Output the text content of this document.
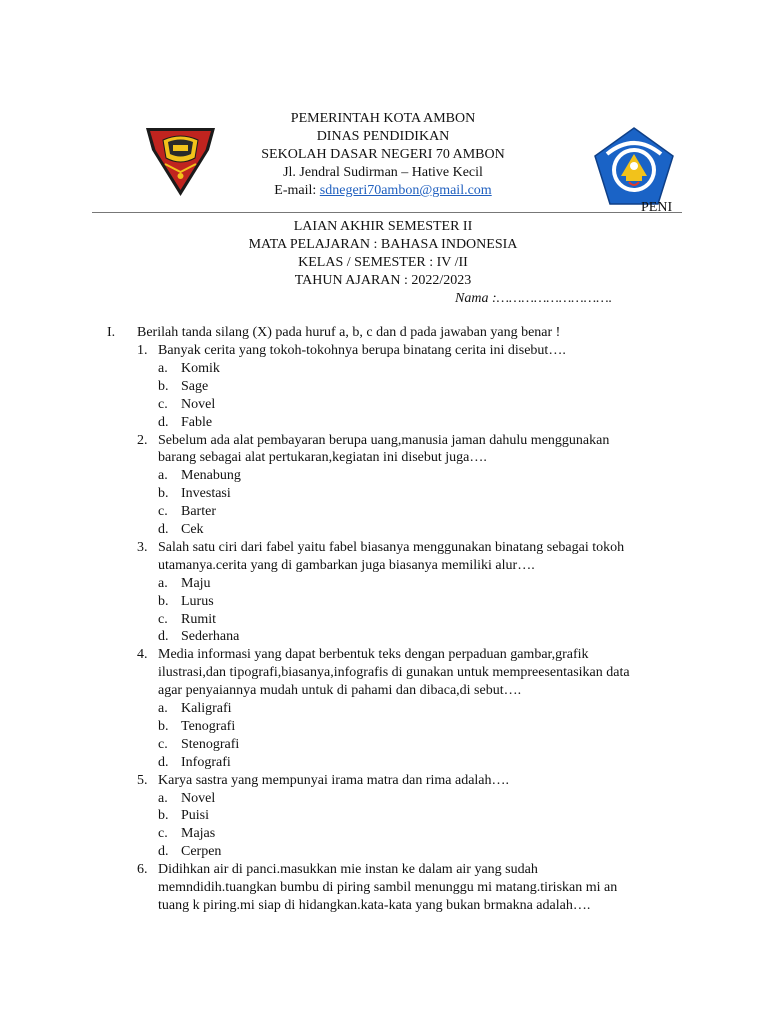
PEMERINTAH KOTA AMBON
DINAS PENDIDIKAN
SEKOLAH DASAR NEGERI 70 AMBON
Jl. Jendral Sudirman – Hative Kecil
E-mail: sdnegeri70ambon@gmail.com
PENI
LAIAN AKHIR SEMESTER II
MATA PELAJARAN : BAHASA INDONESIA
KELAS / SEMESTER : IV /II
TAHUN AJARAN : 2022/2023
Nama :……………………….
I. Berilah tanda silang (X) pada huruf a, b, c dan d pada jawaban yang benar !
1. Banyak cerita yang tokoh-tokohnya berupa binatang cerita ini disebut….
a. Komik
b. Sage
c. Novel
d. Fable
2. Sebelum ada alat pembayaran berupa uang,manusia jaman dahulu menggunakan
barang sebagai alat pertukaran,kegiatan ini disebut juga….
a. Menabung
b. Investasi
c. Barter
d. Cek
3. Salah satu ciri dari fabel yaitu fabel biasanya menggunakan binatang sebagai tokoh
utamanya.cerita yang di gambarkan juga biasanya memiliki alur….
a. Maju
b. Lurus
c. Rumit
d. Sederhana
4. Media informasi yang dapat berbentuk teks dengan perpaduan gambar,grafik
ilustrasi,dan tipografi,biasanya,infografis di gunakan untuk mempreesentasikan data
agar penyaiannya mudah untuk di pahami dan dibaca,di sebut….
a. Kaligrafi
b. Tenografi
c. Stenografi
d. Infografi
5. Karya sastra yang mempunyai irama matra dan rima adalah….
a. Novel
b. Puisi
c. Majas
d. Cerpen
6. Didihkan air di panci.masukkan mie instan ke dalam air yang sudah
memndidih.tuangkan bumbu di piring sambil menunggu mi matang.tiriskan mi an
tuang k piring.mi siap di hidangkan.kata-kata yang bukan brmakna adalah….
